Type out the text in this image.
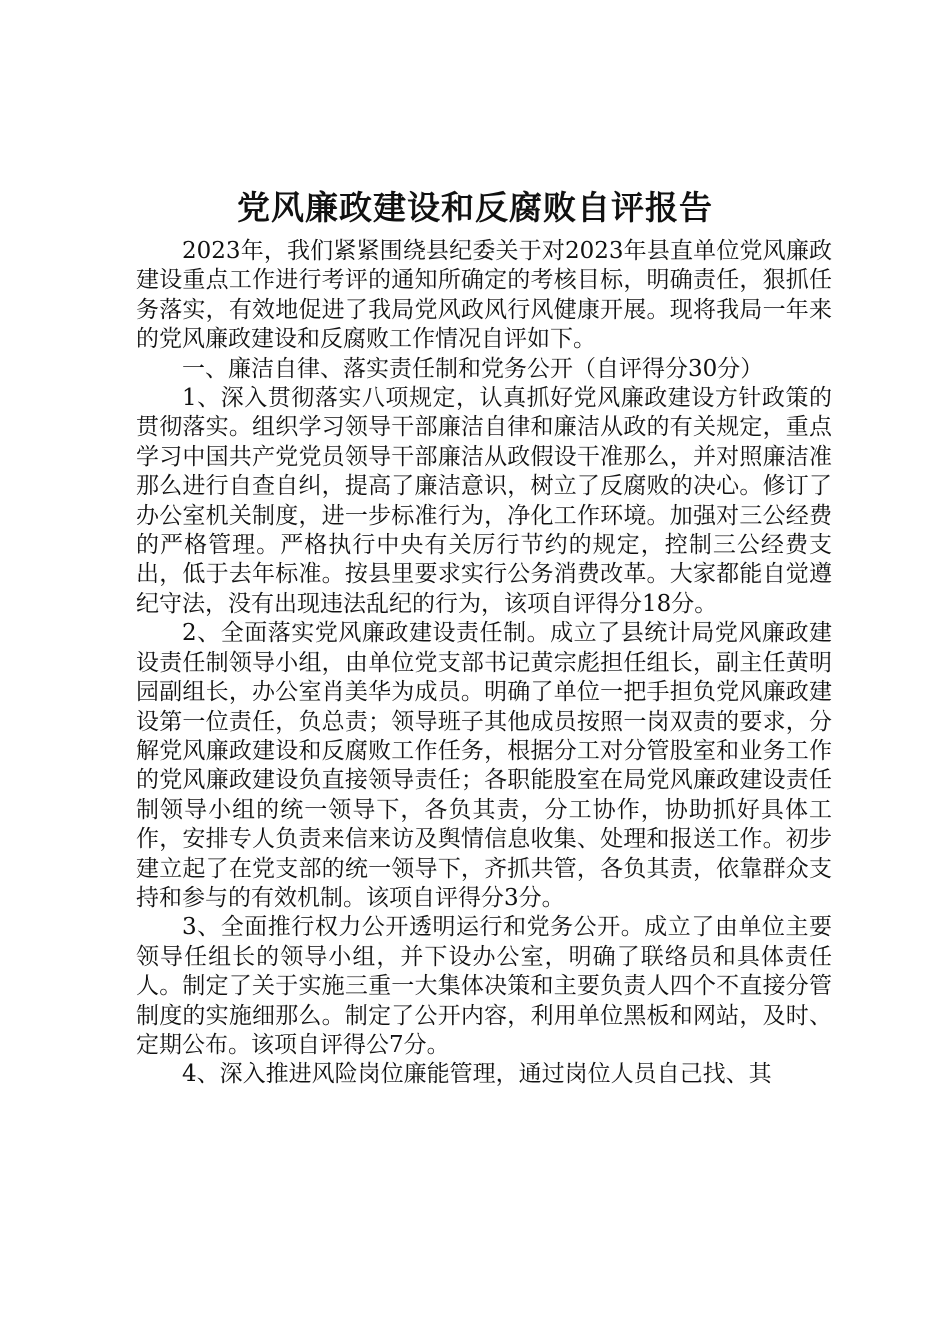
党风廉政建设和反腐败自评报告

2023年，我们紧紧围绕县纪委关于对2023年县直单位党风廉政建设重点工作进行考评的通知所确定的考核目标，明确责任，狠抓任务落实，有效地促进了我局党风政风行风健康开展。现将我局一年来的党风廉政建设和反腐败工作情况自评如下。

一、廉洁自律、落实责任制和党务公开（自评得分30分）

1、深入贯彻落实八项规定，认真抓好党风廉政建设方针政策的贯彻落实。组织学习领导干部廉洁自律和廉洁从政的有关规定，重点学习中国共产党党员领导干部廉洁从政假设干准那么，并对照廉洁准那么进行自查自纠，提高了廉洁意识，树立了反腐败的决心。修订了办公室机关制度，进一步标准行为，净化工作环境。加强对三公经费的严格管理。严格执行中央有关厉行节约的规定，控制三公经费支出，低于去年标准。按县里要求实行公务消费改革。大家都能自觉遵纪守法，没有出现违法乱纪的行为，该项自评得分18分。

2、全面落实党风廉政建设责任制。成立了县统计局党风廉政建设责任制领导小组，由单位党支部书记黄宗彪担任组长，副主任黄明园副组长，办公室肖美华为成员。明确了单位一把手担负党风廉政建设第一位责任，负总责；领导班子其他成员按照一岗双责的要求，分解党风廉政建设和反腐败工作任务，根据分工对分管股室和业务工作的党风廉政建设负直接领导责任；各职能股室在局党风廉政建设责任制领导小组的统一领导下，各负其责，分工协作，协助抓好具体工作，安排专人负责来信来访及舆情信息收集、处理和报送工作。初步建立起了在党支部的统一领导下，齐抓共管，各负其责，依靠群众支持和参与的有效机制。该项自评得分3分。

3、全面推行权力公开透明运行和党务公开。成立了由单位主要领导任组长的领导小组，并下设办公室，明确了联络员和具体责任人。制定了关于实施三重一大集体决策和主要负责人四个不直接分管制度的实施细那么。制定了公开内容，利用单位黑板和网站，及时、定期公布。该项自评得公7分。

4、深入推进风险岗位廉能管理，通过岗位人员自己找、其
